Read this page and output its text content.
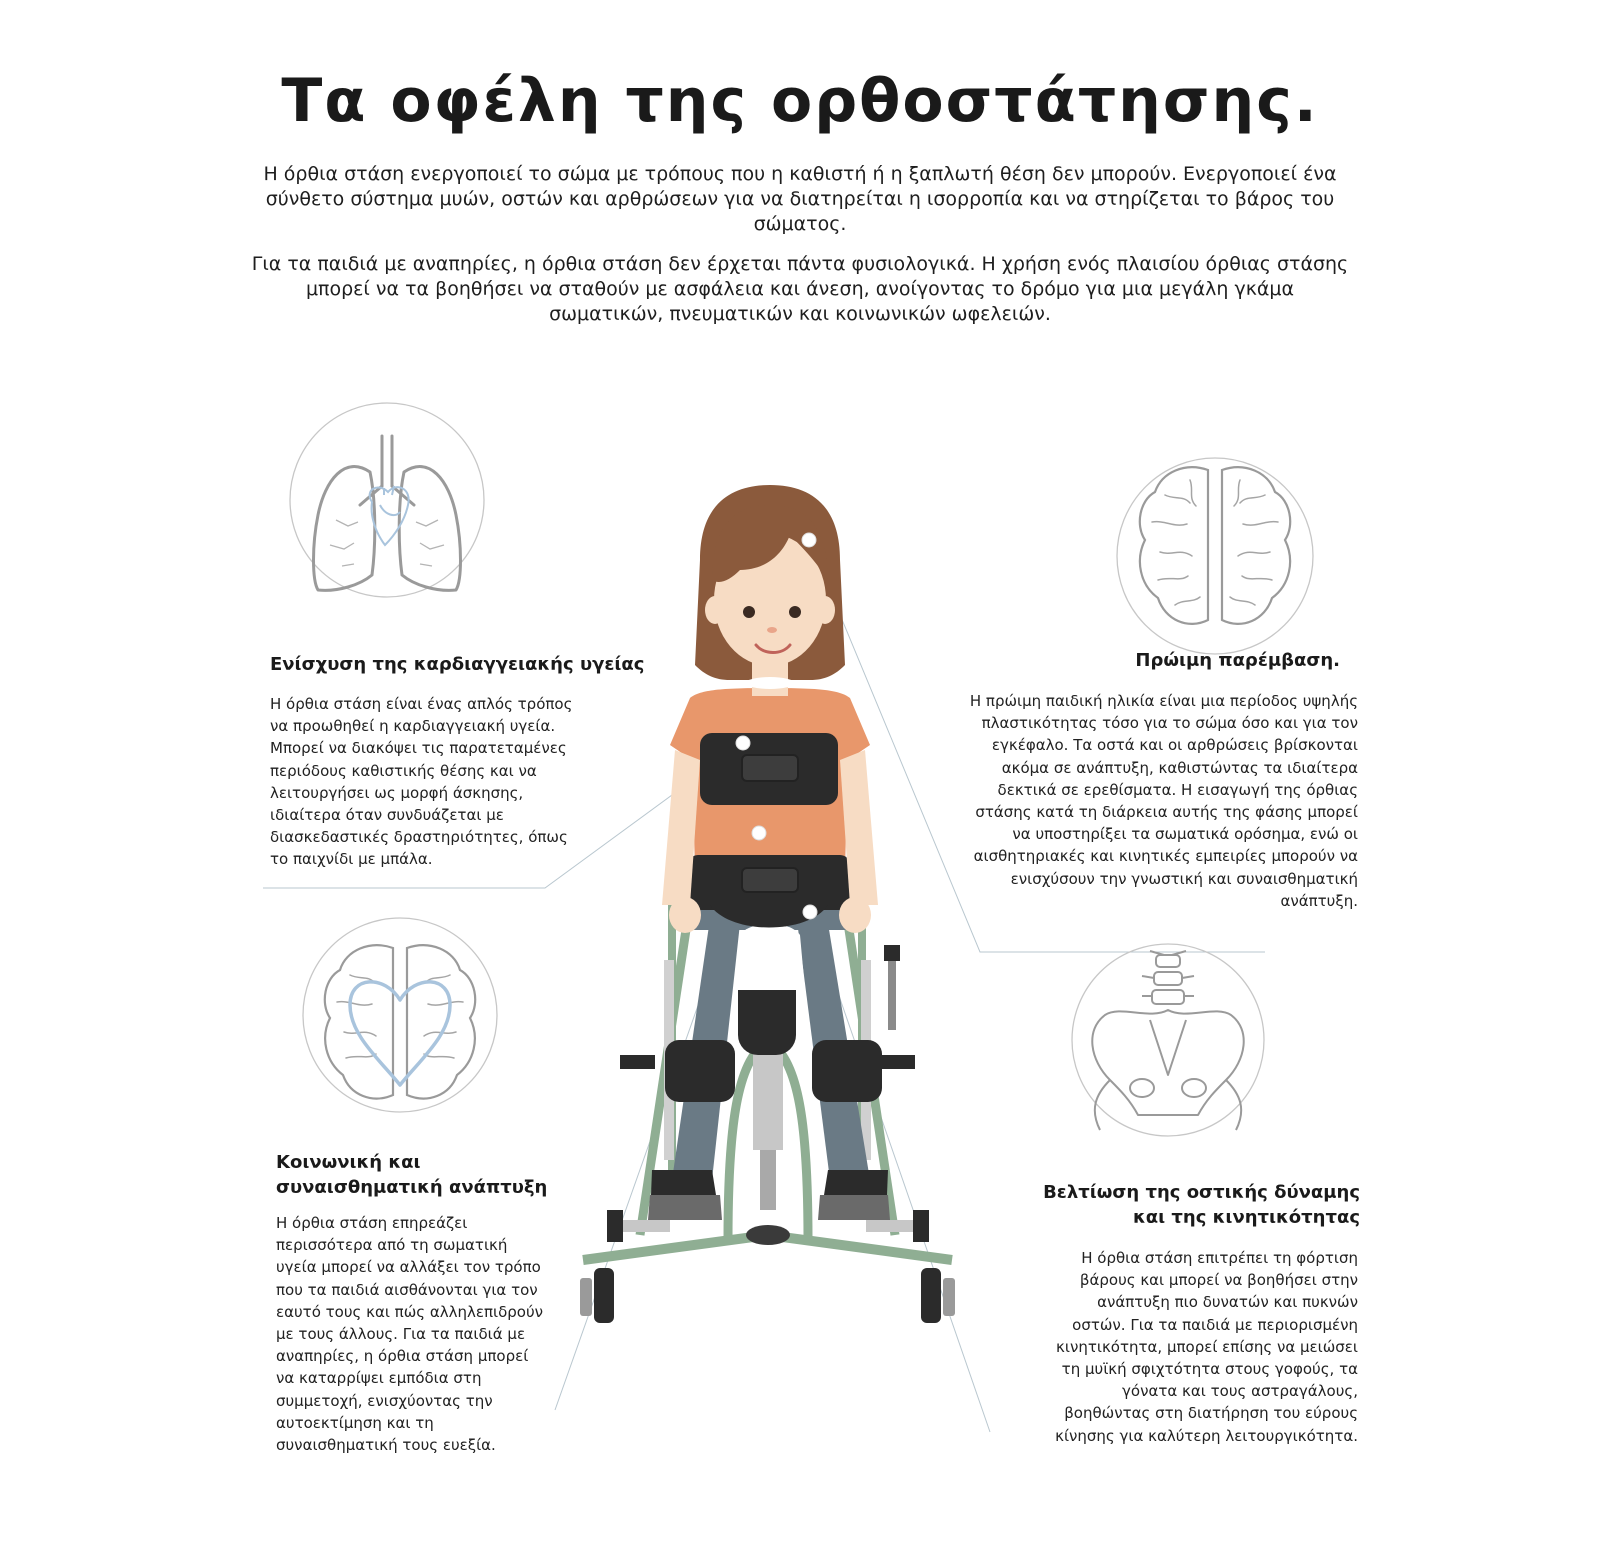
Τα οφέλη της ορθοστάτησης.
Η όρθια στάση ενεργοποιεί το σώμα με τρόπους που η καθιστή ή η ξαπλωτή θέση δεν μπορούν. Ενεργοποιεί ένα σύνθετο σύστημα μυών, οστών και αρθρώσεων για να διατηρείται η ισορροπία και να στηρίζεται το βάρος του σώματος.
Για τα παιδιά με αναπηρίες, η όρθια στάση δεν έρχεται πάντα φυσιολογικά. Η χρήση ενός πλαισίου όρθιας στάσης μπορεί να τα βοηθήσει να σταθούν με ασφάλεια και άνεση, ανοίγοντας το δρόμο για μια μεγάλη γκάμα σωματικών, πνευματικών και κοινωνικών ωφελειών.
Ενίσχυση της καρδιαγγειακής υγείας
Η όρθια στάση είναι ένας απλός τρόπος να προωθηθεί η καρδιαγγειακή υγεία. Μπορεί να διακόψει τις παρατεταμένες περιόδους καθιστικής θέσης και να λειτουργήσει ως μορφή άσκησης, ιδιαίτερα όταν συνδυάζεται με διασκεδαστικές δραστηριότητες, όπως το παιχνίδι με μπάλα.
Πρώιμη παρέμβαση.
Η πρώιμη παιδική ηλικία είναι μια περίοδος υψηλής πλαστικότητας τόσο για το σώμα όσο και για τον εγκέφαλο. Τα οστά και οι αρθρώσεις βρίσκονται ακόμα σε ανάπτυξη, καθιστώντας τα ιδιαίτερα δεκτικά σε ερεθίσματα. Η εισαγωγή της όρθιας στάσης κατά τη διάρκεια αυτής της φάσης μπορεί να υποστηρίξει τα σωματικά ορόσημα, ενώ οι αισθητηριακές και κινητικές εμπειρίες μπορούν να ενισχύσουν την γνωστική και συναισθηματική ανάπτυξη.
Κοινωνική και
συναισθηματική ανάπτυξη
Η όρθια στάση επηρεάζει περισσότερα από τη σωματική υγεία μπορεί να αλλάξει τον τρόπο που τα παιδιά αισθάνονται για τον εαυτό τους και πώς αλληλεπιδρούν με τους άλλους. Για τα παιδιά με αναπηρίες, η όρθια στάση μπορεί να καταρρίψει εμπόδια στη συμμετοχή, ενισχύοντας την αυτοεκτίμηση και τη συναισθηματική τους ευεξία.
Βελτίωση της οστικής δύναμης
και της κινητικότητας
Η όρθια στάση επιτρέπει τη φόρτιση βάρους και μπορεί να βοηθήσει στην ανάπτυξη πιο δυνατών και πυκνών οστών. Για τα παιδιά με περιορισμένη κινητικότητα, μπορεί επίσης να μειώσει τη μυϊκή σφιχτότητα στους γοφούς, τα γόνατα και τους αστραγάλους, βοηθώντας στη διατήρηση του εύρους κίνησης για καλύτερη λειτουργικότητα.
